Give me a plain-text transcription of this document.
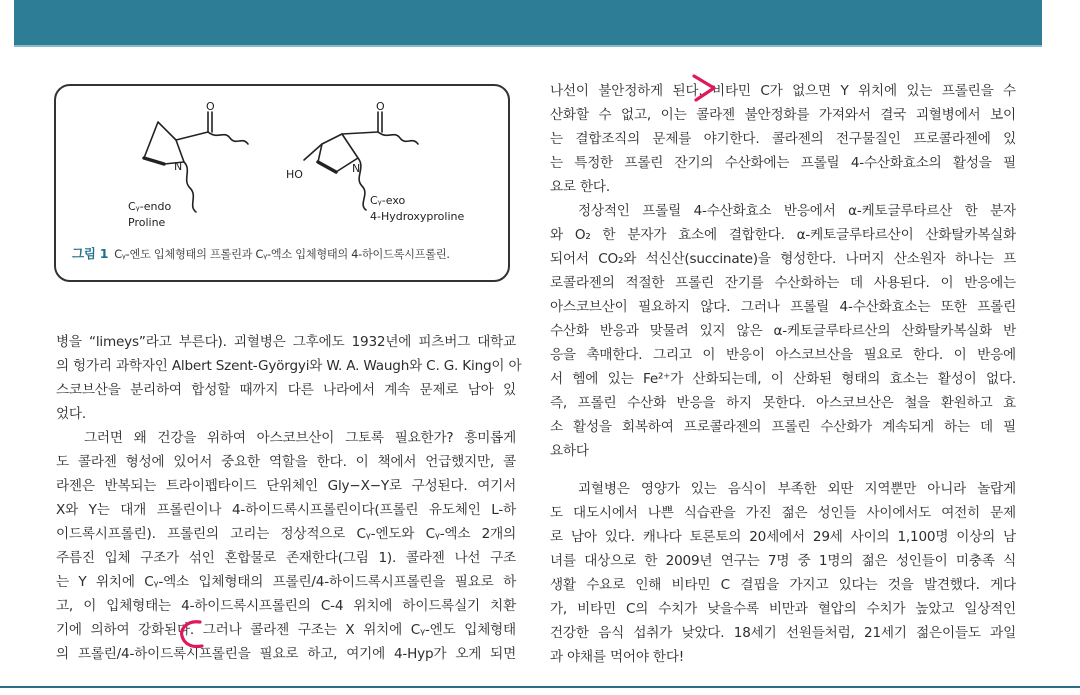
O
N
O
N
HO
Cᵧ-endo
Proline
Cᵧ-exo
4-Hydroxyproline
그림 1 Cᵧ-엔도 입체형태의 프롤린과 Cᵧ-엑소 입체형태의 4-하이드록시프롤린.
병을 “limeys”라고 부른다). 괴혈병은 그후에도 1932년에 피츠버그 대학교
의 헝가리 과학자인 Albert Szent-Györgyi와 W. A. Waugh와 C. G. King이 아
스코브산을 분리하여 합성할 때까지 다른 나라에서 계속 문제로 남아 있
었다.
그러면 왜 건강을 위하여 아스코브산이 그토록 필요한가? 흥미롭게
도 콜라젠 형성에 있어서 중요한 역할을 한다. 이 책에서 언급했지만, 콜
라젠은 반복되는 트라이펩타이드 단위체인 Gly−X−Y로 구성된다. 여기서
X와 Y는 대개 프롤린이나 4-하이드록시프롤린이다(프롤린 유도체인 L-하
이드록시프롤린). 프롤린의 고리는 정상적으로 Cᵧ-엔도와 Cᵧ-엑소 2개의
주름진 입체 구조가 섞인 혼합물로 존재한다(그림 1). 콜라젠 나선 구조
는 Y 위치에 Cᵧ-엑소 입체형태의 프롤린/4-하이드록시프롤린을 필요로 하
고, 이 입체형태는 4-하이드록시프롤린의 C-4 위치에 하이드록실기 치환
기에 의하여 강화된다. 그러나 콜라젠 구조는 X 위치에 Cᵧ-엔도 입체형태
의 프롤린/4-하이드록시프롤린을 필요로 하고, 여기에 4-Hyp가 오게 되면
나선이 불안정하게 된다. 비타민 C가 없으면 Y 위치에 있는 프롤린을 수
산화할 수 없고, 이는 콜라젠 불안정화를 가져와서 결국 괴혈병에서 보이
는 결합조직의 문제를 야기한다. 콜라젠의 전구물질인 프로콜라젠에 있
는 특정한 프롤린 잔기의 수산화에는 프롤릴 4-수산화효소의 활성을 필
요로 한다.
정상적인 프롤릴 4-수산화효소 반응에서 α-케토글루타르산 한 분자
와 O₂ 한 분자가 효소에 결합한다. α-케토글루타르산이 산화탈카복실화
되어서 CO₂와 석신산(succinate)을 형성한다. 나머지 산소원자 하나는 프
로콜라젠의 적절한 프롤린 잔기를 수산화하는 데 사용된다. 이 반응에는
아스코브산이 필요하지 않다. 그러나 프롤릴 4-수산화효소는 또한 프롤린
수산화 반응과 맞물려 있지 않은 α-케토글루타르산의 산화탈카복실화 반
응을 촉매한다. 그리고 이 반응이 아스코브산을 필요로 한다. 이 반응에
서 헴에 있는 Fe²⁺가 산화되는데, 이 산화된 형태의 효소는 활성이 없다.
즉, 프롤린 수산화 반응을 하지 못한다. 아스코브산은 철을 환원하고 효
소 활성을 회복하여 프로콜라젠의 프롤린 수산화가 계속되게 하는 데 필
요하다
괴혈병은 영양가 있는 음식이 부족한 외딴 지역뿐만 아니라 놀랍게
도 대도시에서 나쁜 식습관을 가진 젊은 성인들 사이에서도 여전히 문제
로 남아 있다. 캐나다 토론토의 20세에서 29세 사이의 1,100명 이상의 남
녀를 대상으로 한 2009년 연구는 7명 중 1명의 젊은 성인들이 미충족 식
생활 수요로 인해 비타민 C 결핍을 가지고 있다는 것을 발견했다. 게다
가, 비타민 C의 수치가 낮을수록 비만과 혈압의 수치가 높았고 일상적인
건강한 음식 섭취가 낮았다. 18세기 선원들처럼, 21세기 젊은이들도 과일
과 야채를 먹어야 한다!
